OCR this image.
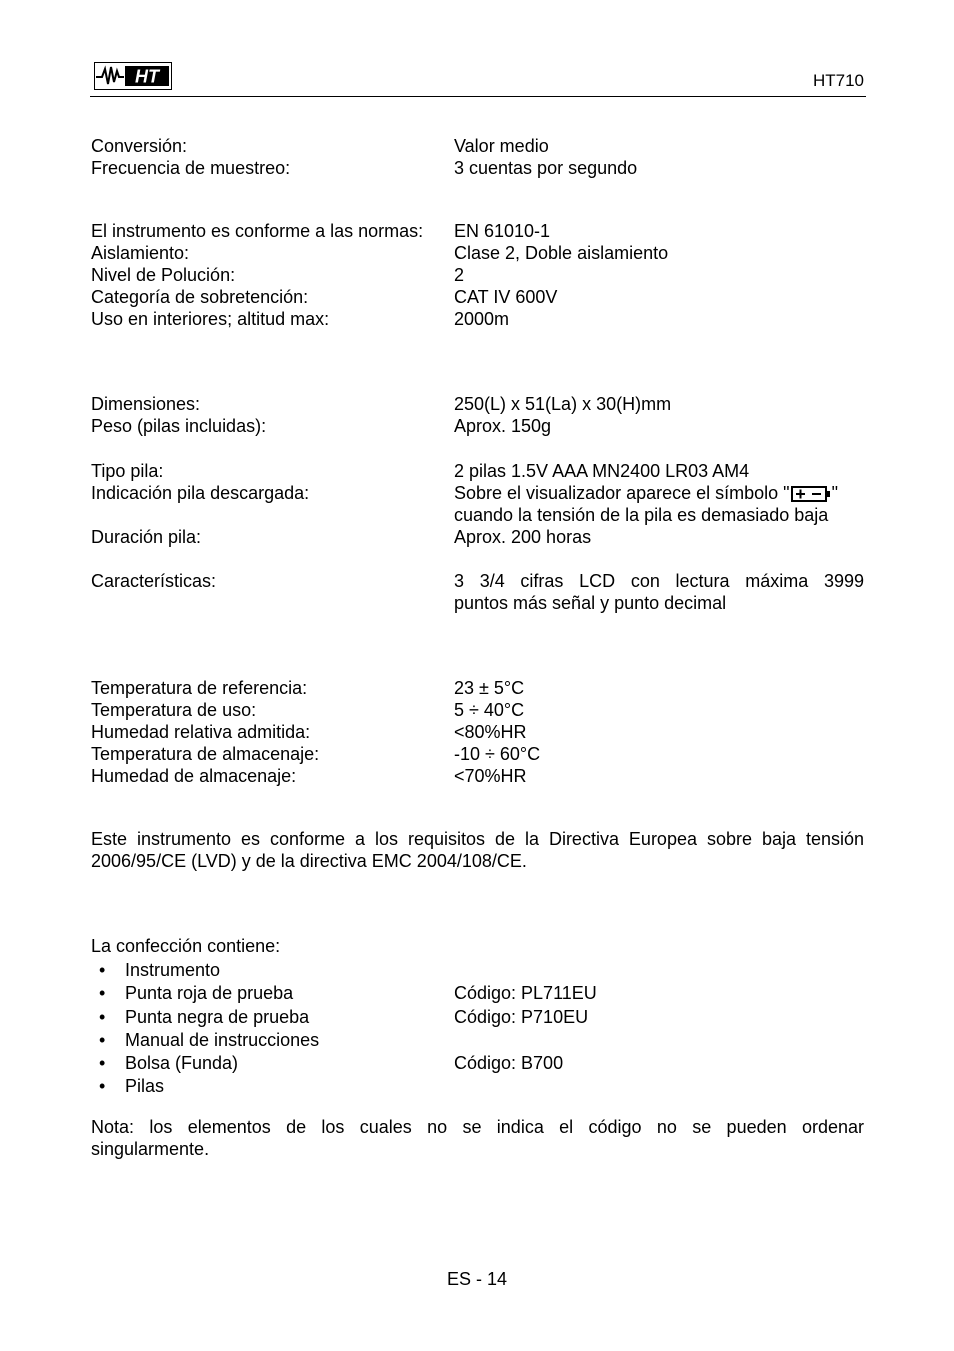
HT	HT710
Conversión:	Valor medio
Frecuencia de muestreo:	3 cuentas por segundo
El instrumento es conforme a las normas: EN 61010-1
Aislamiento:	Clase 2, Doble aislamiento
Nivel de Polución:	2
Categoría de sobretención:	CAT IV 600V
Uso en interiores; altitud max:	2000m
Dimensiones:	250(L) x 51(La) x 30(H)mm
Peso (pilas incluidas):	Aprox. 150g
Tipo pila:	2 pilas 1.5V AAA MN2400 LR03 AM4
Indicación pila descargada:	Sobre el visualizador aparece el símbolo " "
cuando la tensión de la pila es demasiado baja
Duración pila:	Aprox. 200 horas
Características:	3 3/4 cifras LCD con lectura máxima 3999
puntos más señal y punto decimal
Temperatura de referencia:	23 ± 5°C
Temperatura de uso:	5 ÷ 40°C
Humedad relativa admitida:	<80%HR
Temperatura de almacenaje:	-10 ÷ 60°C
Humedad de almacenaje:	<70%HR
Este instrumento es conforme a los requisitos de la Directiva Europea sobre baja tensión
2006/95/CE (LVD) y de la directiva EMC 2004/108/CE.
La confección contiene:
• Instrumento
• Punta roja de prueba	Código: PL711EU
• Punta negra de prueba	Código: P710EU
• Manual de instrucciones
• Bolsa (Funda)	Código: B700
• Pilas
Nota: los elementos de los cuales no se indica el código no se pueden ordenar
singularmente.
ES - 14
